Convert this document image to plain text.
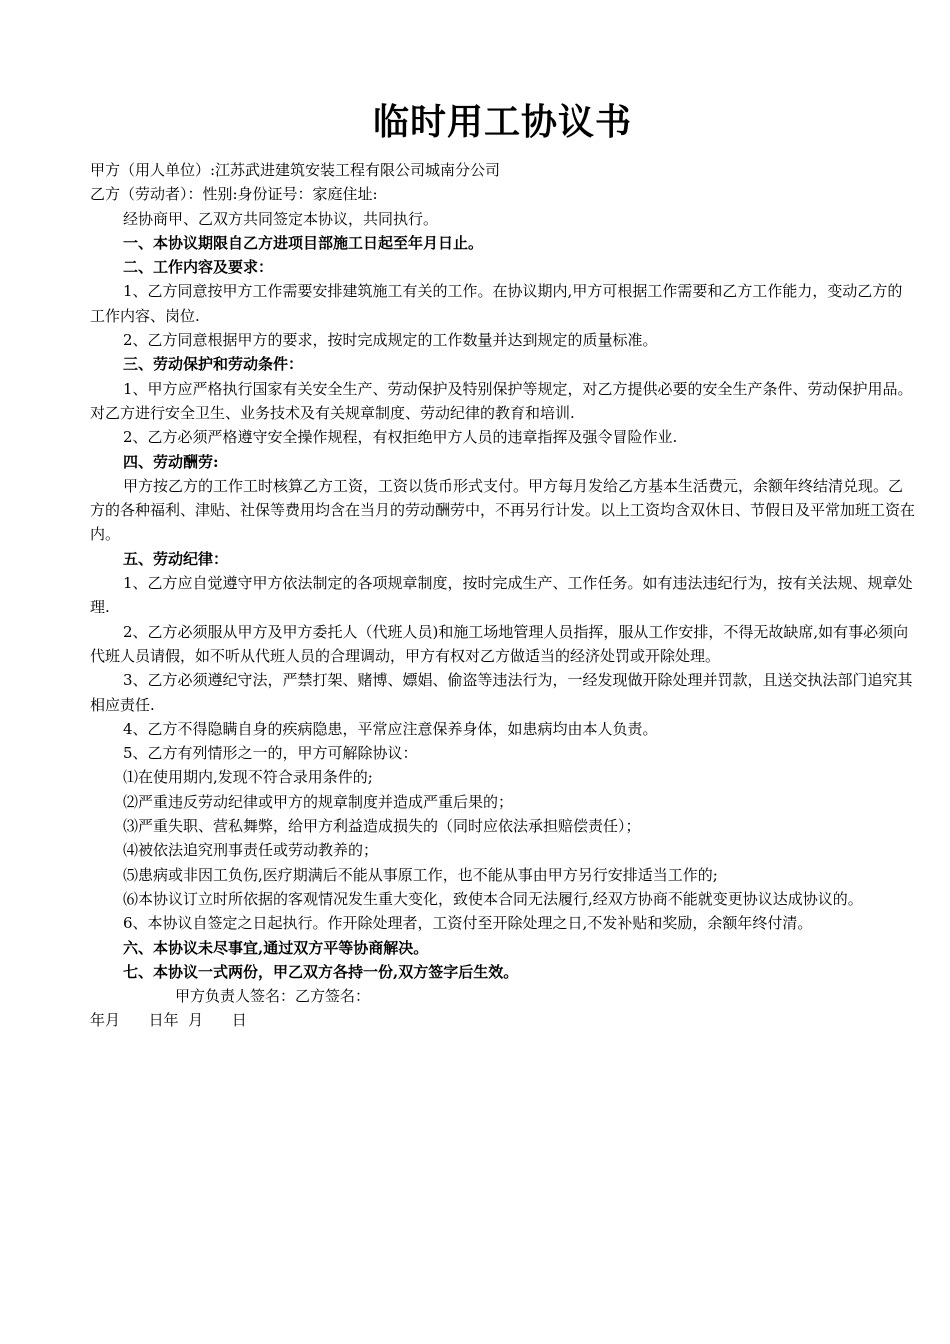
临时用工协议书

甲方（用人单位）:江苏武进建筑安装工程有限公司城南分公司

乙方（劳动者）：性别:身份证号：家庭住址:

经协商甲、乙双方共同签定本协议，共同执行。

一、本协议期限自乙方进项目部施工日起至年月日止。

二、工作内容及要求：

1、乙方同意按甲方工作需要安排建筑施工有关的工作。在协议期内,甲方可根据工作需要和乙方工作能力，变动乙方的工作内容、岗位.

2、乙方同意根据甲方的要求，按时完成规定的工作数量并达到规定的质量标准。

三、劳动保护和劳动条件：

1、甲方应严格执行国家有关安全生产、劳动保护及特别保护等规定，对乙方提供必要的安全生产条件、劳动保护用品。对乙方进行安全卫生、业务技术及有关规章制度、劳动纪律的教育和培训.

2、乙方必须严格遵守安全操作规程，有权拒绝甲方人员的违章指挥及强令冒险作业.

四、劳动酬劳:

甲方按乙方的工作工时核算乙方工资，工资以货币形式支付。甲方每月发给乙方基本生活费元，余额年终结清兑现。乙方的各种福利、津贴、社保等费用均含在当月的劳动酬劳中，不再另行计发。以上工资均含双休日、节假日及平常加班工资在内。

五、劳动纪律：

1、乙方应自觉遵守甲方依法制定的各项规章制度，按时完成生产、工作任务。如有违法违纪行为，按有关法规、规章处理.

2、乙方必须服从甲方及甲方委托人（代班人员)和施工场地管理人员指挥，服从工作安排，不得无故缺席,如有事必须向代班人员请假，如不听从代班人员的合理调动，甲方有权对乙方做适当的经济处罚或开除处理。

3、乙方必须遵纪守法，严禁打架、赌博、嫖娼、偷盗等违法行为，一经发现做开除处理并罚款，且送交执法部门追究其相应责任.

4、乙方不得隐瞒自身的疾病隐患，平常应注意保养身体，如患病均由本人负责。

5、乙方有列情形之一的，甲方可解除协议：

⑴在使用期内,发现不符合录用条件的;

⑵严重违反劳动纪律或甲方的规章制度并造成严重后果的；

⑶严重失职、营私舞弊，给甲方利益造成损失的（同时应依法承担赔偿责任）；

⑷被依法追究刑事责任或劳动教养的；

⑸患病或非因工负伤,医疗期满后不能从事原工作，也不能从事由甲方另行安排适当工作的;

⑹本协议订立时所依据的客观情况发生重大变化，致使本合同无法履行,经双方协商不能就变更协议达成协议的。

6、本协议自签定之日起执行。作开除处理者，工资付至开除处理之日,不发补贴和奖励，余额年终付清。

六、本协议未尽事宜,通过双方平等协商解决。

七、本协议一式两份，甲乙双方各持一份,双方签字后生效。

甲方负责人签名：乙方签名：

年月      日年  月      日
